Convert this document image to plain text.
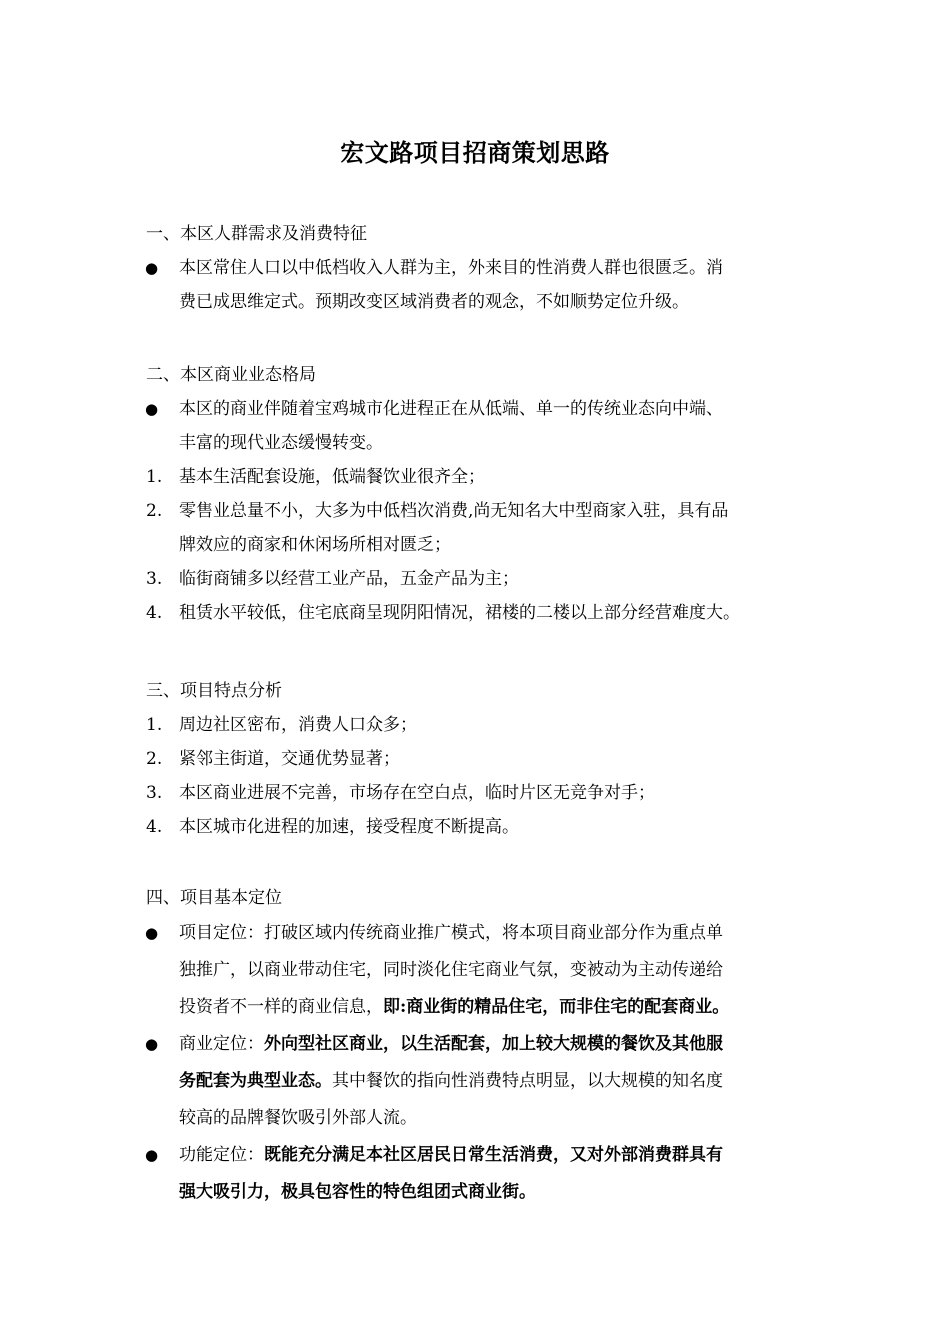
宏文路项目招商策划思路
一、本区人群需求及消费特征
●	本区常住人口以中低档收入人群为主，外来目的性消费人群也很匮乏。消
费已成思维定式。预期改变区域消费者的观念，不如顺势定位升级。
二、本区商业业态格局
●	本区的商业伴随着宝鸡城市化进程正在从低端、单一的传统业态向中端、
丰富的现代业态缓慢转变。
1. 基本生活配套设施，低端餐饮业很齐全；
2. 零售业总量不小，大多为中低档次消费,尚无知名大中型商家入驻，具有品
牌效应的商家和休闲场所相对匮乏；
3. 临街商铺多以经营工业产品，五金产品为主；
4. 租赁水平较低，住宅底商呈现阴阳情况，裙楼的二楼以上部分经营难度大。
三、项目特点分析
1. 周边社区密布，消费人口众多；
2. 紧邻主街道，交通优势显著；
3. 本区商业进展不完善，市场存在空白点，临时片区无竞争对手；
4. 本区城市化进程的加速，接受程度不断提高。
四、项目基本定位
●	项目定位：打破区域内传统商业推广模式，将本项目商业部分作为重点单
独推广，以商业带动住宅，同时淡化住宅商业气氛，变被动为主动传递给
投资者不一样的商业信息，即:商业街的精品住宅，而非住宅的配套商业。
●	商业定位：外向型社区商业，以生活配套，加上较大规模的餐饮及其他服
务配套为典型业态。其中餐饮的指向性消费特点明显，以大规模的知名度
较高的品牌餐饮吸引外部人流。
●	功能定位：既能充分满足本社区居民日常生活消费，又对外部消费群具有
强大吸引力，极具包容性的特色组团式商业街。
